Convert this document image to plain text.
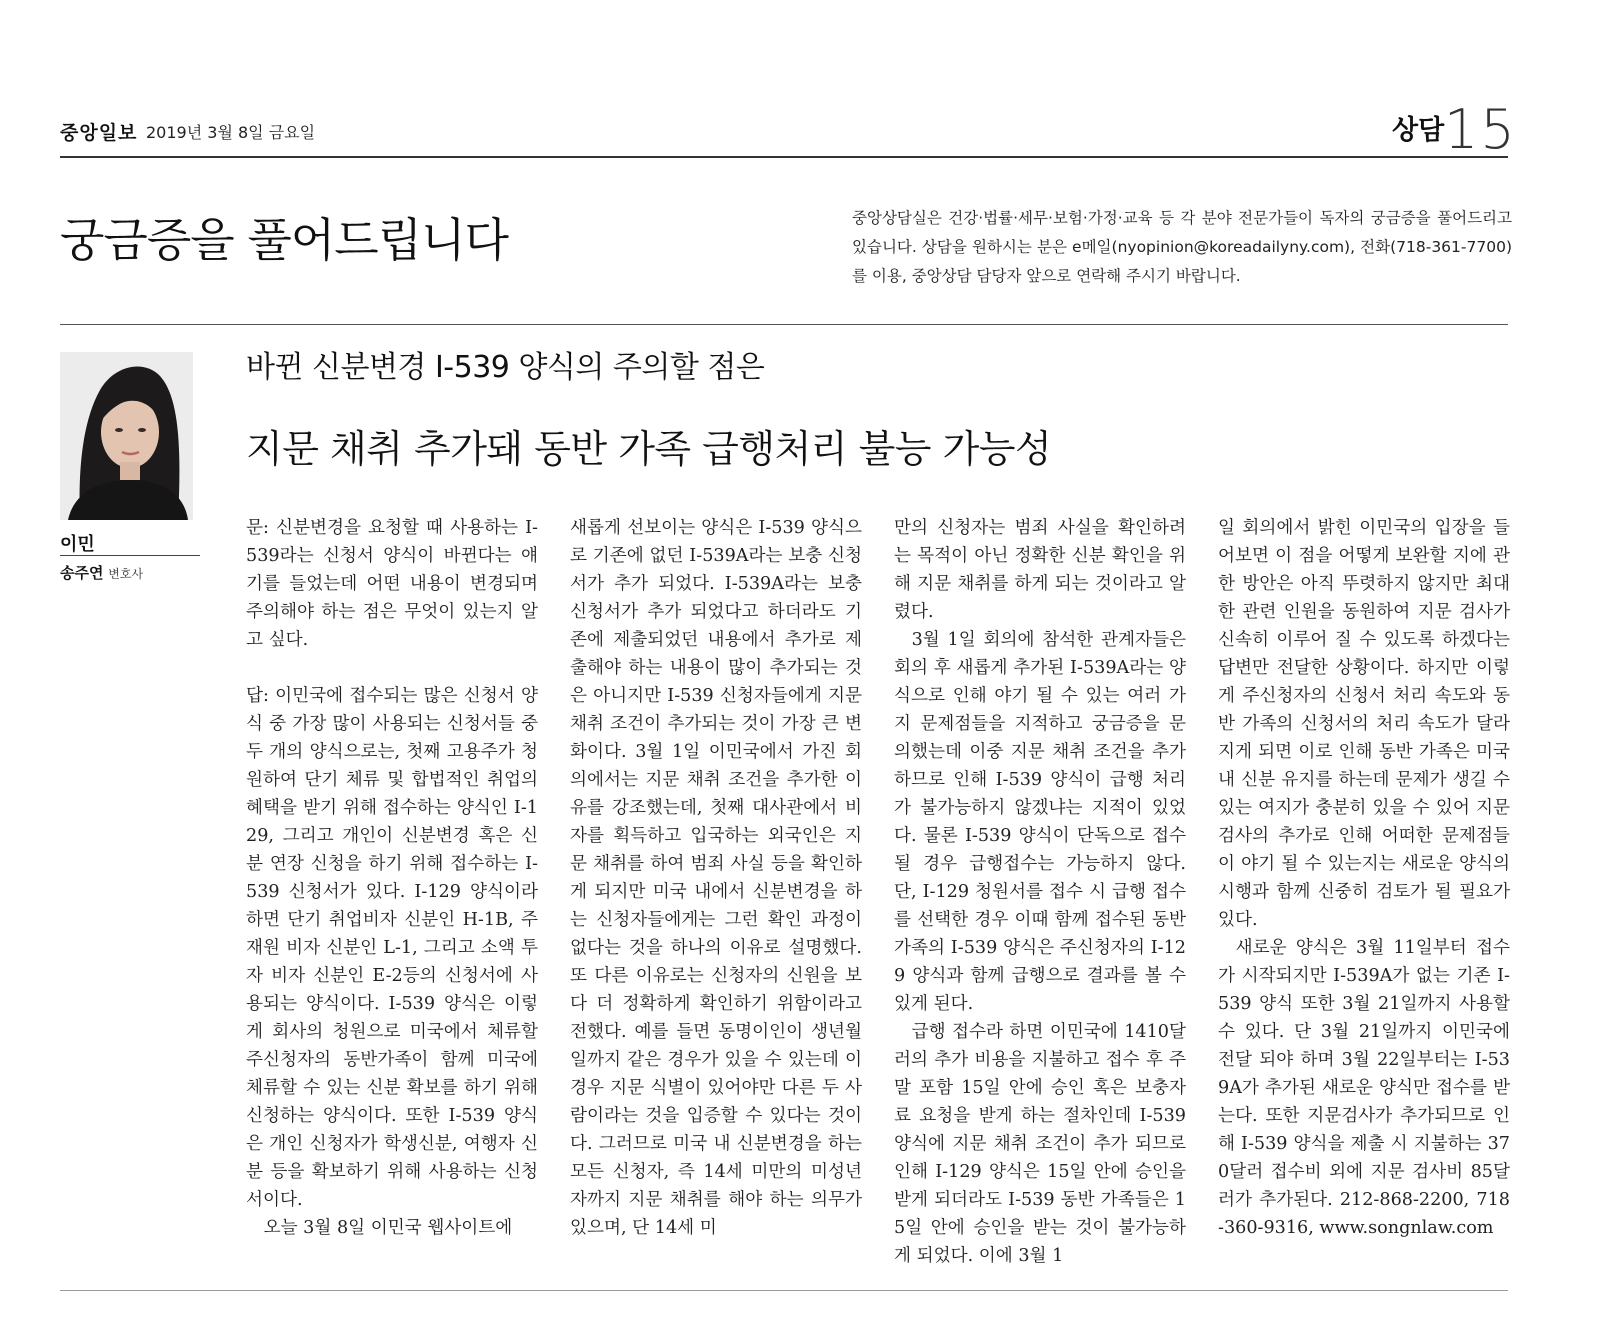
중앙일보 2019년 3월 8일 금요일	상담 15
궁금증을 풀어드립니다	중앙상담실은 건강·법률·세무·보험·가정·교육 등 각 분야 전문가들이 독자의 궁금증을 풀어드리고 있습니다. 상담을 원하시는 분은 e메일(nyopinion@koreadailyny.com), 전화(718-361-7700)를 이용, 중앙상담 담당자 앞으로 연락해 주시기 바랍니다.
이민
송주연 변호사
바뀐 신분변경 I-539 양식의 주의할 점은
지문 채취 추가돼 동반 가족 급행처리 불능 가능성

문: 신분변경을 요청할 때 사용하는 I-539라는 신청서 양식이 바뀐다는 얘기를 들었는데 어떤 내용이 변경되며 주의해야 하는 점은 무엇이 있는지 알고 싶다.

답: 이민국에 접수되는 많은 신청서 양식 중 가장 많이 사용되는 신청서들 중 두 개의 양식으로는, 첫째 고용주가 청원하여 단기 체류 및 합법적인 취업의 혜택을 받기 위해 접수하는 양식인 I-129, 그리고 개인이 신분변경 혹은 신분 연장 신청을 하기 위해 접수하는 I-539 신청서가 있다. I-129 양식이라 하면 단기 취업비자 신분인 H-1B, 주재원 비자 신분인 L-1, 그리고 소액 투자 비자 신분인 E-2등의 신청서에 사용되는 양식이다. I-539 양식은 이렇게 회사의 청원으로 미국에서 체류할 주신청자의 동반가족이 함께 미국에 체류할 수 있는 신분 확보를 하기 위해 신청하는 양식이다. 또한 I-539 양식은 개인 신청자가 학생신분, 여행자 신분 등을 확보하기 위해 사용하는 신청서이다.

오늘 3월 8일 이민국 웹사이트에

새롭게 선보이는 양식은 I-539 양식으로 기존에 없던 I-539A라는 보충 신청서가 추가 되었다. I-539A라는 보충 신청서가 추가 되었다고 하더라도 기존에 제출되었던 내용에서 추가로 제출해야 하는 내용이 많이 추가되는 것은 아니지만 I-539 신청자들에게 지문 채취 조건이 추가되는 것이 가장 큰 변화이다. 3월 1일 이민국에서 가진 회의에서는 지문 채취 조건을 추가한 이유를 강조했는데, 첫째 대사관에서 비자를 획득하고 입국하는 외국인은 지문 채취를 하여 범죄 사실 등을 확인하게 되지만 미국 내에서 신분변경을 하는 신청자들에게는 그런 확인 과정이 없다는 것을 하나의 이유로 설명했다. 또 다른 이유로는 신청자의 신원을 보다 더 정확하게 확인하기 위함이라고 전했다. 예를 들면 동명이인이 생년월일까지 같은 경우가 있을 수 있는데 이 경우 지문 식별이 있어야만 다른 두 사람이라는 것을 입증할 수 있다는 것이다. 그러므로 미국 내 신분변경을 하는 모든 신청자, 즉 14세 미만의 미성년자까지 지문 채취를 해야 하는 의무가 있으며, 단 14세 미

만의 신청자는 범죄 사실을 확인하려는 목적이 아닌 정확한 신분 확인을 위해 지문 채취를 하게 되는 것이라고 알렸다.

3월 1일 회의에 참석한 관계자들은 회의 후 새롭게 추가된 I-539A라는 양식으로 인해 야기 될 수 있는 여러 가지 문제점들을 지적하고 궁금증을 문의했는데 이중 지문 채취 조건을 추가하므로 인해 I-539 양식이 급행 처리가 불가능하지 않겠냐는 지적이 있었다. 물론 I-539 양식이 단독으로 접수될 경우 급행접수는 가능하지 않다. 단, I-129 청원서를 접수 시 급행 접수를 선택한 경우 이때 함께 접수된 동반 가족의 I-539 양식은 주신청자의 I-129 양식과 함께 급행으로 결과를 볼 수 있게 된다.

급행 접수라 하면 이민국에 1410달러의 추가 비용을 지불하고 접수 후 주말 포함 15일 안에 승인 혹은 보충자료 요청을 받게 하는 절차인데 I-539 양식에 지문 채취 조건이 추가 되므로 인해 I-129 양식은 15일 안에 승인을 받게 되더라도 I-539 동반 가족들은 15일 안에 승인을 받는 것이 불가능하게 되었다. 이에 3월 1

일 회의에서 밝힌 이민국의 입장을 들어보면 이 점을 어떻게 보완할 지에 관한 방안은 아직 뚜렷하지 않지만 최대한 관련 인원을 동원하여 지문 검사가 신속히 이루어 질 수 있도록 하겠다는 답변만 전달한 상황이다. 하지만 이렇게 주신청자의 신청서 처리 속도와 동반 가족의 신청서의 처리 속도가 달라지게 되면 이로 인해 동반 가족은 미국 내 신분 유지를 하는데 문제가 생길 수 있는 여지가 충분히 있을 수 있어 지문검사의 추가로 인해 어떠한 문제점들이 야기 될 수 있는지는 새로운 양식의 시행과 함께 신중히 검토가 될 필요가 있다.

새로운 양식은 3월 11일부터 접수가 시작되지만 I-539A가 없는 기존 I-539 양식 또한 3월 21일까지 사용할 수 있다. 단 3월 21일까지 이민국에 전달 되야 하며 3월 22일부터는 I-539A가 추가된 새로운 양식만 접수를 받는다. 또한 지문검사가 추가되므로 인해 I-539 양식을 제출 시 지불하는 370달러 접수비 외에 지문 검사비 85달러가 추가된다. 212-868-2200, 718-360-9316, www.songnlaw.com
